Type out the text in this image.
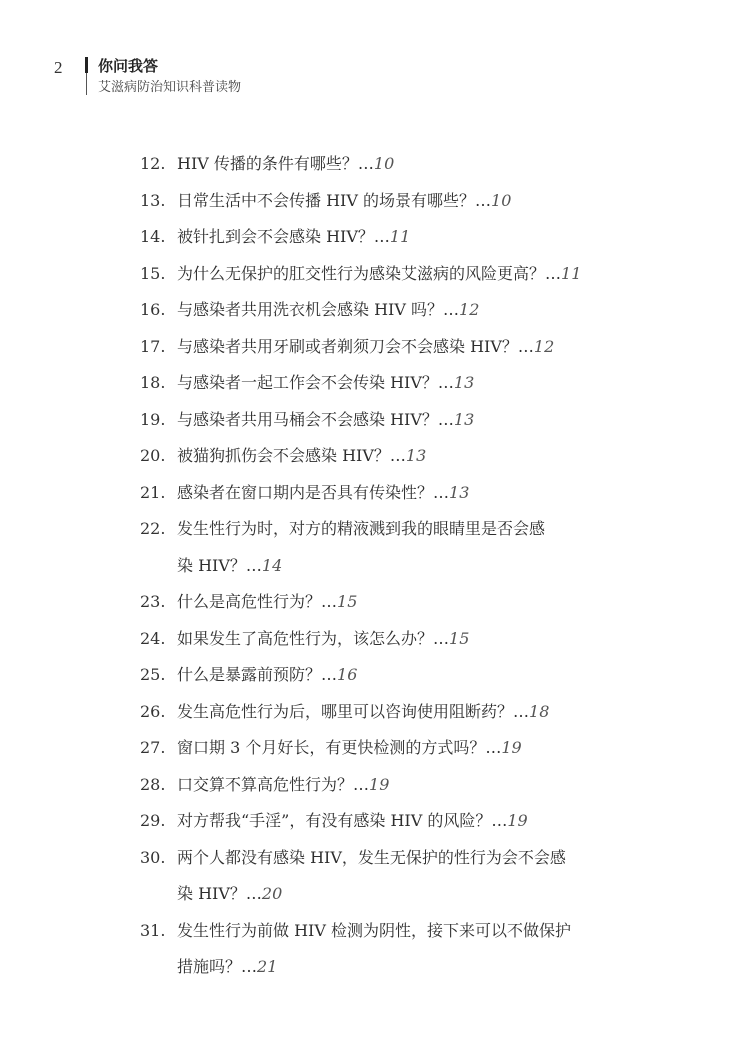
2 你问我答
艾滋病防治知识科普读物
12. HIV 传播的条件有哪些？…10
13. 日常生活中不会传播 HIV 的场景有哪些？…10
14. 被针扎到会不会感染 HIV？…11
15. 为什么无保护的肛交性行为感染艾滋病的风险更高？…11
16. 与感染者共用洗衣机会感染 HIV 吗？…12
17. 与感染者共用牙刷或者剃须刀会不会感染 HIV？…12
18. 与感染者一起工作会不会传染 HIV？…13
19. 与感染者共用马桶会不会感染 HIV？…13
20. 被猫狗抓伤会不会感染 HIV？…13
21. 感染者在窗口期内是否具有传染性？…13
22. 发生性行为时，对方的精液溅到我的眼睛里是否会感
染 HIV？…14
23. 什么是高危性行为？…15
24. 如果发生了高危性行为，该怎么办？…15
25. 什么是暴露前预防？…16
26. 发生高危性行为后，哪里可以咨询使用阻断药？…18
27. 窗口期 3 个月好长，有更快检测的方式吗？…19
28. 口交算不算高危性行为？…19
29. 对方帮我“手淫”，有没有感染 HIV 的风险？…19
30. 两个人都没有感染 HIV，发生无保护的性行为会不会感
染 HIV？…20
31. 发生性行为前做 HIV 检测为阴性，接下来可以不做保护
措施吗？…21
